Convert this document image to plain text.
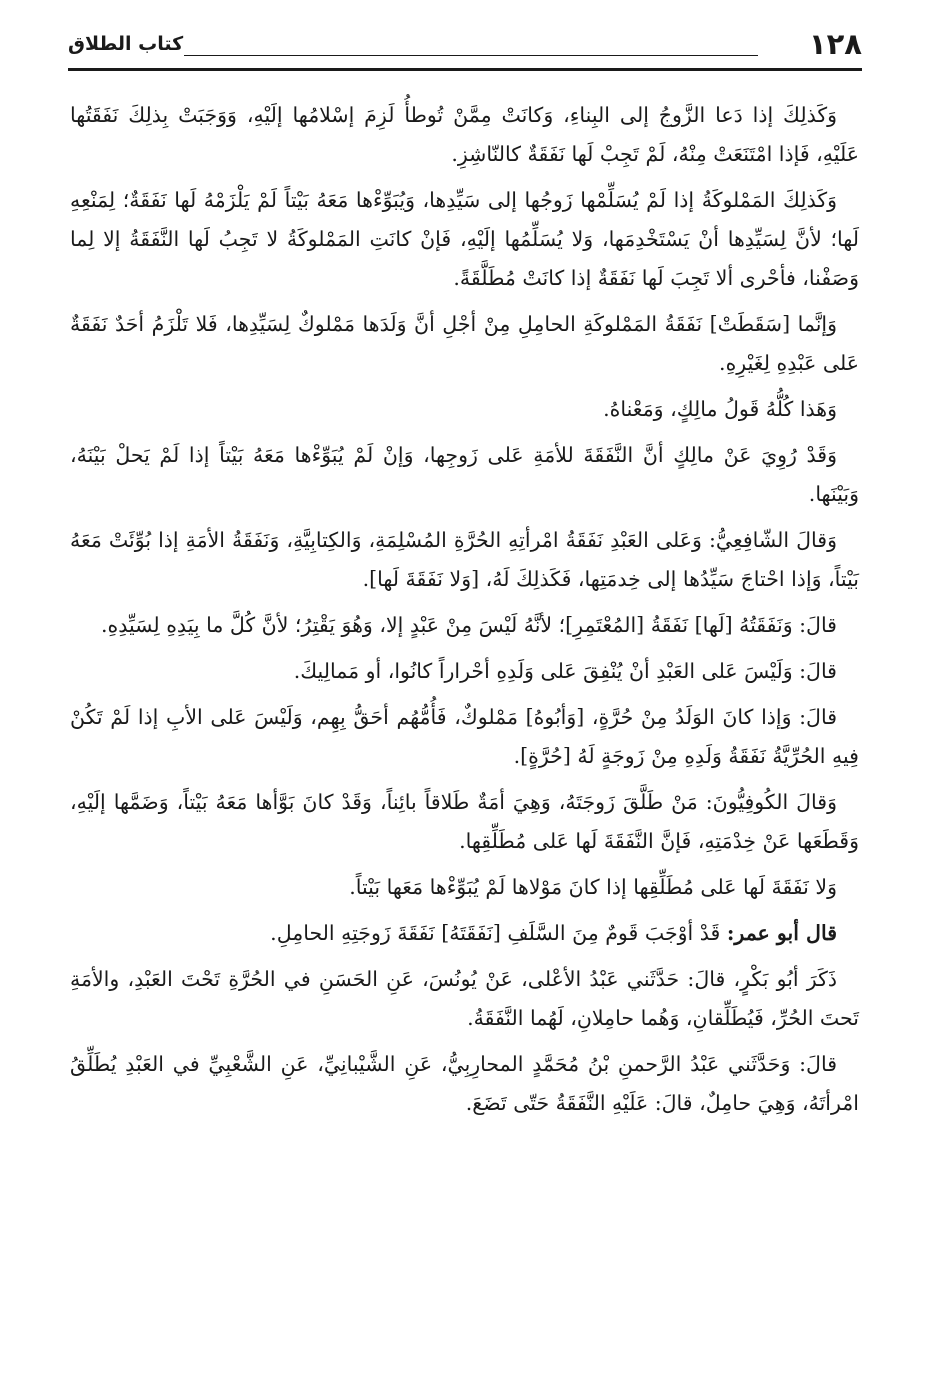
١٢٨
كتاب الطلاق

وَكَذلِكَ إذا دَعا الزَّوجُ إلى البِناءِ، وَكانَتْ مِمَّنْ تُوطأُ لَزِمَ إسْلامُها إلَيْهِ، وَوَجَبَتْ بِذلِكَ نَفَقَتُها عَلَيْهِ، فَإذا امْتَنَعَتْ مِنْهُ، لَمْ تَجِبْ لَها نَفَقَةٌ كالنّاشِزِ.

وَكَذلِكَ المَمْلوكَةُ إذا لَمْ يُسَلِّمْها زَوجُها إلى سَيِّدِها، وَيُبَوِّءْها مَعَهُ بَيْتاً لَمْ يَلْزَمْهُ لَها نَفَقَةٌ؛ لِمَنْعِهِ لَها؛ لأنَّ لِسَيِّدِها أنْ يَسْتَخْدِمَها، وَلا يُسَلِّمُها إلَيْهِ، فَإنْ كانَتِ المَمْلوكَةُ لا تَجِبُ لَها النَّفَقَةُ إلا لِما وَصَفْنا، فأحْرى ألا تَجِبَ لَها نَفَقَةٌ إذا كانَتْ مُطَلَّقَةً.

وَإنَّما [سَقَطَتْ] نَفَقَةُ المَمْلوكَةِ الحامِلِ مِنْ أجْلِ أنَّ وَلَدَها مَمْلوكٌ لِسَيِّدِها، فَلا تَلْزَمُ أحَدٌ نَفَقَةٌ عَلى عَبْدِهِ لِغَيْرِهِ.

وَهَذا كُلُّهُ قَولُ مالِكٍ، وَمَعْناهُ.

وَقَدْ رُوِيَ عَنْ مالِكٍ أنَّ النَّفَقَةَ للأمَةِ عَلى زَوجِها، وَإنْ لَمْ يُبَوِّءْها مَعَهُ بَيْتاً إذا لَمْ يَحلْ بَيْنَهُ، وَبَيْنَها.

وَقالَ الشّافِعِيُّ: وَعَلى العَبْدِ نَفَقَةُ امْرأتِهِ الحُرَّةِ المُسْلِمَةِ، وَالكِتابِيَّةِ، وَنَفَقَةُ الأمَةِ إذا بُوِّئَتْ مَعَهُ بَيْتاً، وَإذا احْتاجَ سَيِّدُها إلى خِدمَتِها، فَكَذلِكَ لَهُ، [وَلا نَفَقَةَ لَها].

قالَ: وَنَفَقَتُهُ [لَها] نَفَقَةُ [المُعْتَمِرِ]؛ لأنَّهُ لَيْسَ مِنْ عَبْدٍ إلا، وَهُوَ يَقْتِرُ؛ لأنَّ كُلَّ ما بِيَدِهِ لِسَيِّدِهِ.

قالَ: وَلَيْسَ عَلى العَبْدِ أنْ يُنْفِقَ عَلى وَلَدِهِ أحْراراً كانُوا، أو مَمالِيكَ.

قالَ: وَإذا كانَ الوَلَدُ مِنْ حُرَّةٍ، [وَأبُوهُ] مَمْلوكٌ، فَأُمُّهُم أحَقُّ بِهِم، وَلَيْسَ عَلى الأبِ إذا لَمْ تَكُنْ فِيهِ الحُرِّيَّةُ نَفَقَةُ وَلَدِهِ مِنْ زَوجَةٍ لَهُ [حُرَّةٍ].

وَقالَ الكُوفِيُّونَ: مَنْ طَلَّقَ زَوجَتَهُ، وَهِيَ أمَةٌ طَلاقاً بائِناً، وَقَدْ كانَ بَوَّأها مَعَهُ بَيْتاً، وَضَمَّها إلَيْهِ، وَقَطَعَها عَنْ خِدْمَتِهِ، فَإنَّ النَّفَقَةَ لَها عَلى مُطَلِّقِها.

وَلا نَفَقَةَ لَها عَلى مُطَلِّقِها إذا كانَ مَوْلاها لَمْ يُبَوِّءْها مَعَها بَيْتاً.

قال أبو عمر: قَدْ أوْجَبَ قَومٌ مِنَ السَّلَفِ [نَفَقَتَهُ] نَفَقَةَ زَوجَتِهِ الحامِلِ.

ذَكَرَ أبُو بَكْرٍ، قالَ: حَدَّثَني عَبْدُ الأعْلى، عَنْ يُونُسَ، عَنِ الحَسَنِ في الحُرَّةِ تَحْتَ العَبْدِ، والأمَةِ تَحتَ الحُرِّ، فَيُطَلِّقانِ، وَهُما حامِلانِ، لَهُما النَّفَقَةُ.

قالَ: وَحَدَّثَني عَبْدُ الرَّحمنِ بْنُ مُحَمَّدٍ المحارِبِيُّ، عَنِ الشَّيْبانِيِّ، عَنِ الشَّعْبِيِّ في العَبْدِ يُطَلِّقُ امْرأتَهُ، وَهِيَ حامِلٌ، قالَ: عَلَيْهِ النَّفَقَةُ حَتّى تَضَعَ.
